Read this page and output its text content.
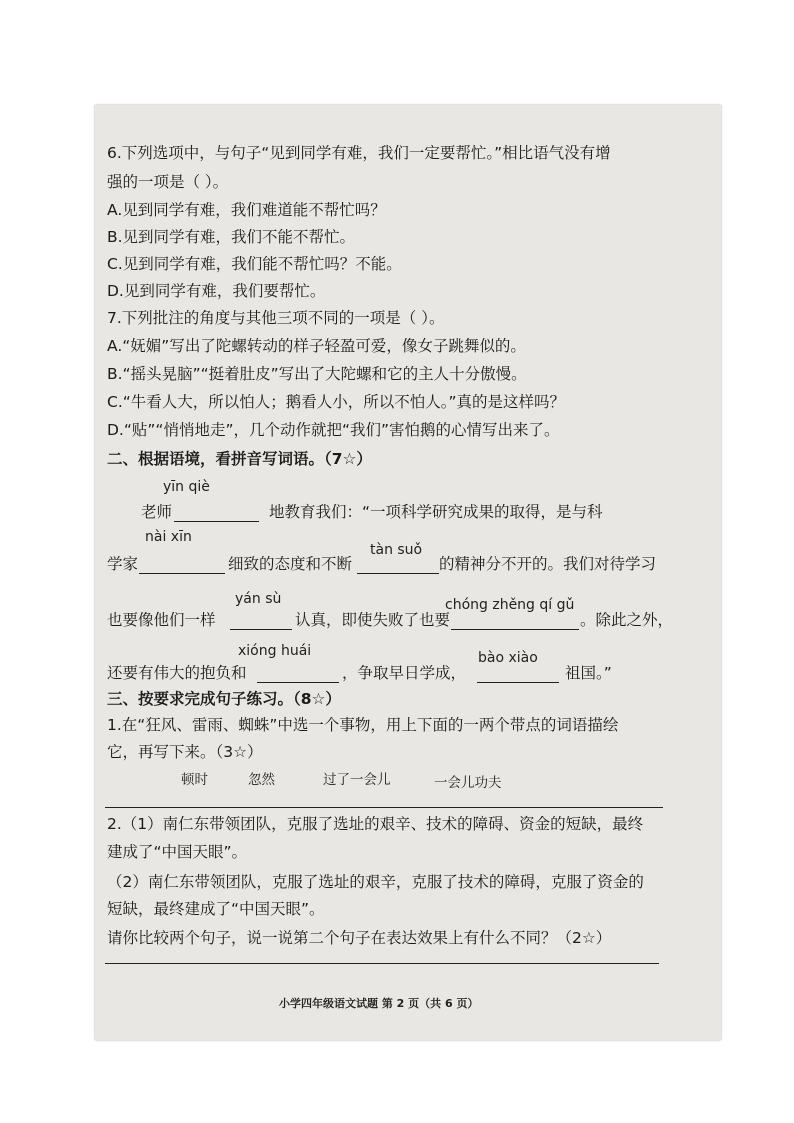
6.下列选项中，与句子“见到同学有难，我们一定要帮忙。”相比语气没有增
强的一项是（ ）。
A.见到同学有难，我们难道能不帮忙吗？
B.见到同学有难，我们不能不帮忙。
C.见到同学有难，我们能不帮忙吗？不能。
D.见到同学有难，我们要帮忙。
7.下列批注的角度与其他三项不同的一项是（ ）。
A.“妩媚”写出了陀螺转动的样子轻盈可爱，像女子跳舞似的。
B.“摇头晃脑”“挺着肚皮”写出了大陀螺和它的主人十分傲慢。
C.“牛看人大，所以怕人；鹅看人小，所以不怕人。”真的是这样吗？
D.“贴”“悄悄地走”，几个动作就把“我们”害怕鹅的心情写出来了。
二、根据语境，看拼音写词语。（7☆）
yīn qiè
老师	地教育我们：“一项科学研究成果的取得，是与科
nài xīn
tàn suǒ
学家	细致的态度和不断	的精神分不开的。我们对待学习
yán sù	chóng zhěng qí gǔ
也要像他们一样	认真，即使失败了也要	。除此之外，
xióng huái	bào xiào
还要有伟大的抱负和	，争取早日学成，	祖国。”
三、按要求完成句子练习。（8☆）
1.在“狂风、雷雨、蜘蛛”中选一个事物，用上下面的一两个带点的词语描绘
它，再写下来。（3☆）
顿时	忽然	过了一会儿	一会儿功夫
2.（1）南仁东带领团队，克服了选址的艰辛、技术的障碍、资金的短缺，最终
建成了“中国天眼”。
（2）南仁东带领团队，克服了选址的艰辛，克服了技术的障碍，克服了资金的
短缺，最终建成了“中国天眼”。
请你比较两个句子，说一说第二个句子在表达效果上有什么不同？（2☆）
小学四年级语文试题 第 2 页（共 6 页）
